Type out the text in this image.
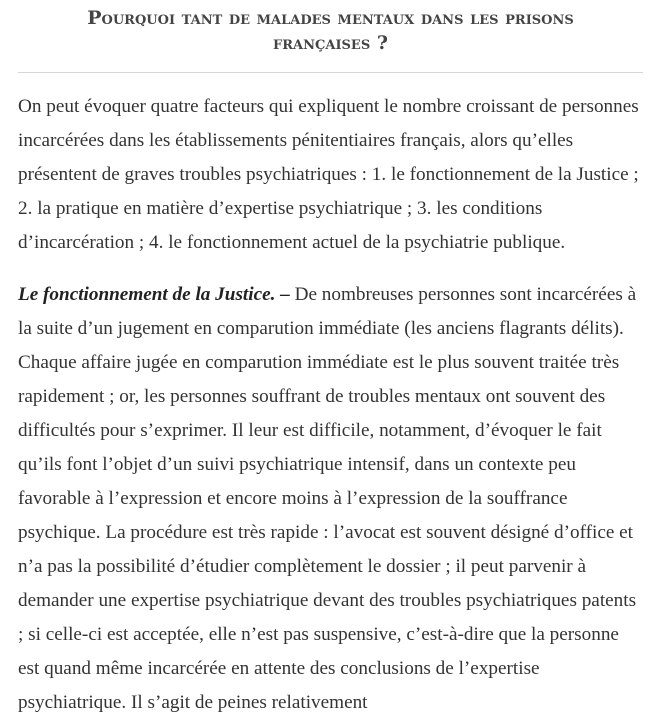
Pourquoi tant de malades mentaux dans les prisons françaises ?

On peut évoquer quatre facteurs qui expliquent le nombre croissant de personnes incarcérées dans les établissements pénitentiaires français, alors qu’elles présentent de graves troubles psychiatriques : 1. le fonctionnement de la Justice ; 2. la pratique en matière d’expertise psychiatrique ; 3. les conditions d’incarcération ; 4. le fonctionnement actuel de la psychiatrie publique.

Le fonctionnement de la Justice. – De nombreuses personnes sont incarcérées à la suite d’un jugement en comparution immédiate (les anciens flagrants délits). Chaque affaire jugée en comparution immédiate est le plus souvent traitée très rapidement ; or, les personnes souffrant de troubles mentaux ont souvent des difficultés pour s’exprimer. Il leur est difficile, notamment, d’évoquer le fait qu’ils font l’objet d’un suivi psychiatrique intensif, dans un contexte peu favorable à l’expression et encore moins à l’expression de la souffrance psychique. La procédure est très rapide : l’avocat est souvent désigné d’office et n’a pas la possibilité d’étudier complètement le dossier ; il peut parvenir à demander une expertise psychiatrique devant des troubles psychiatriques patents ; si celle-ci est acceptée, elle n’est pas suspensive, c’est-à-dire que la personne est quand même incarcérée en attente des conclusions de l’expertise psychiatrique. Il s’agit de peines relativement
